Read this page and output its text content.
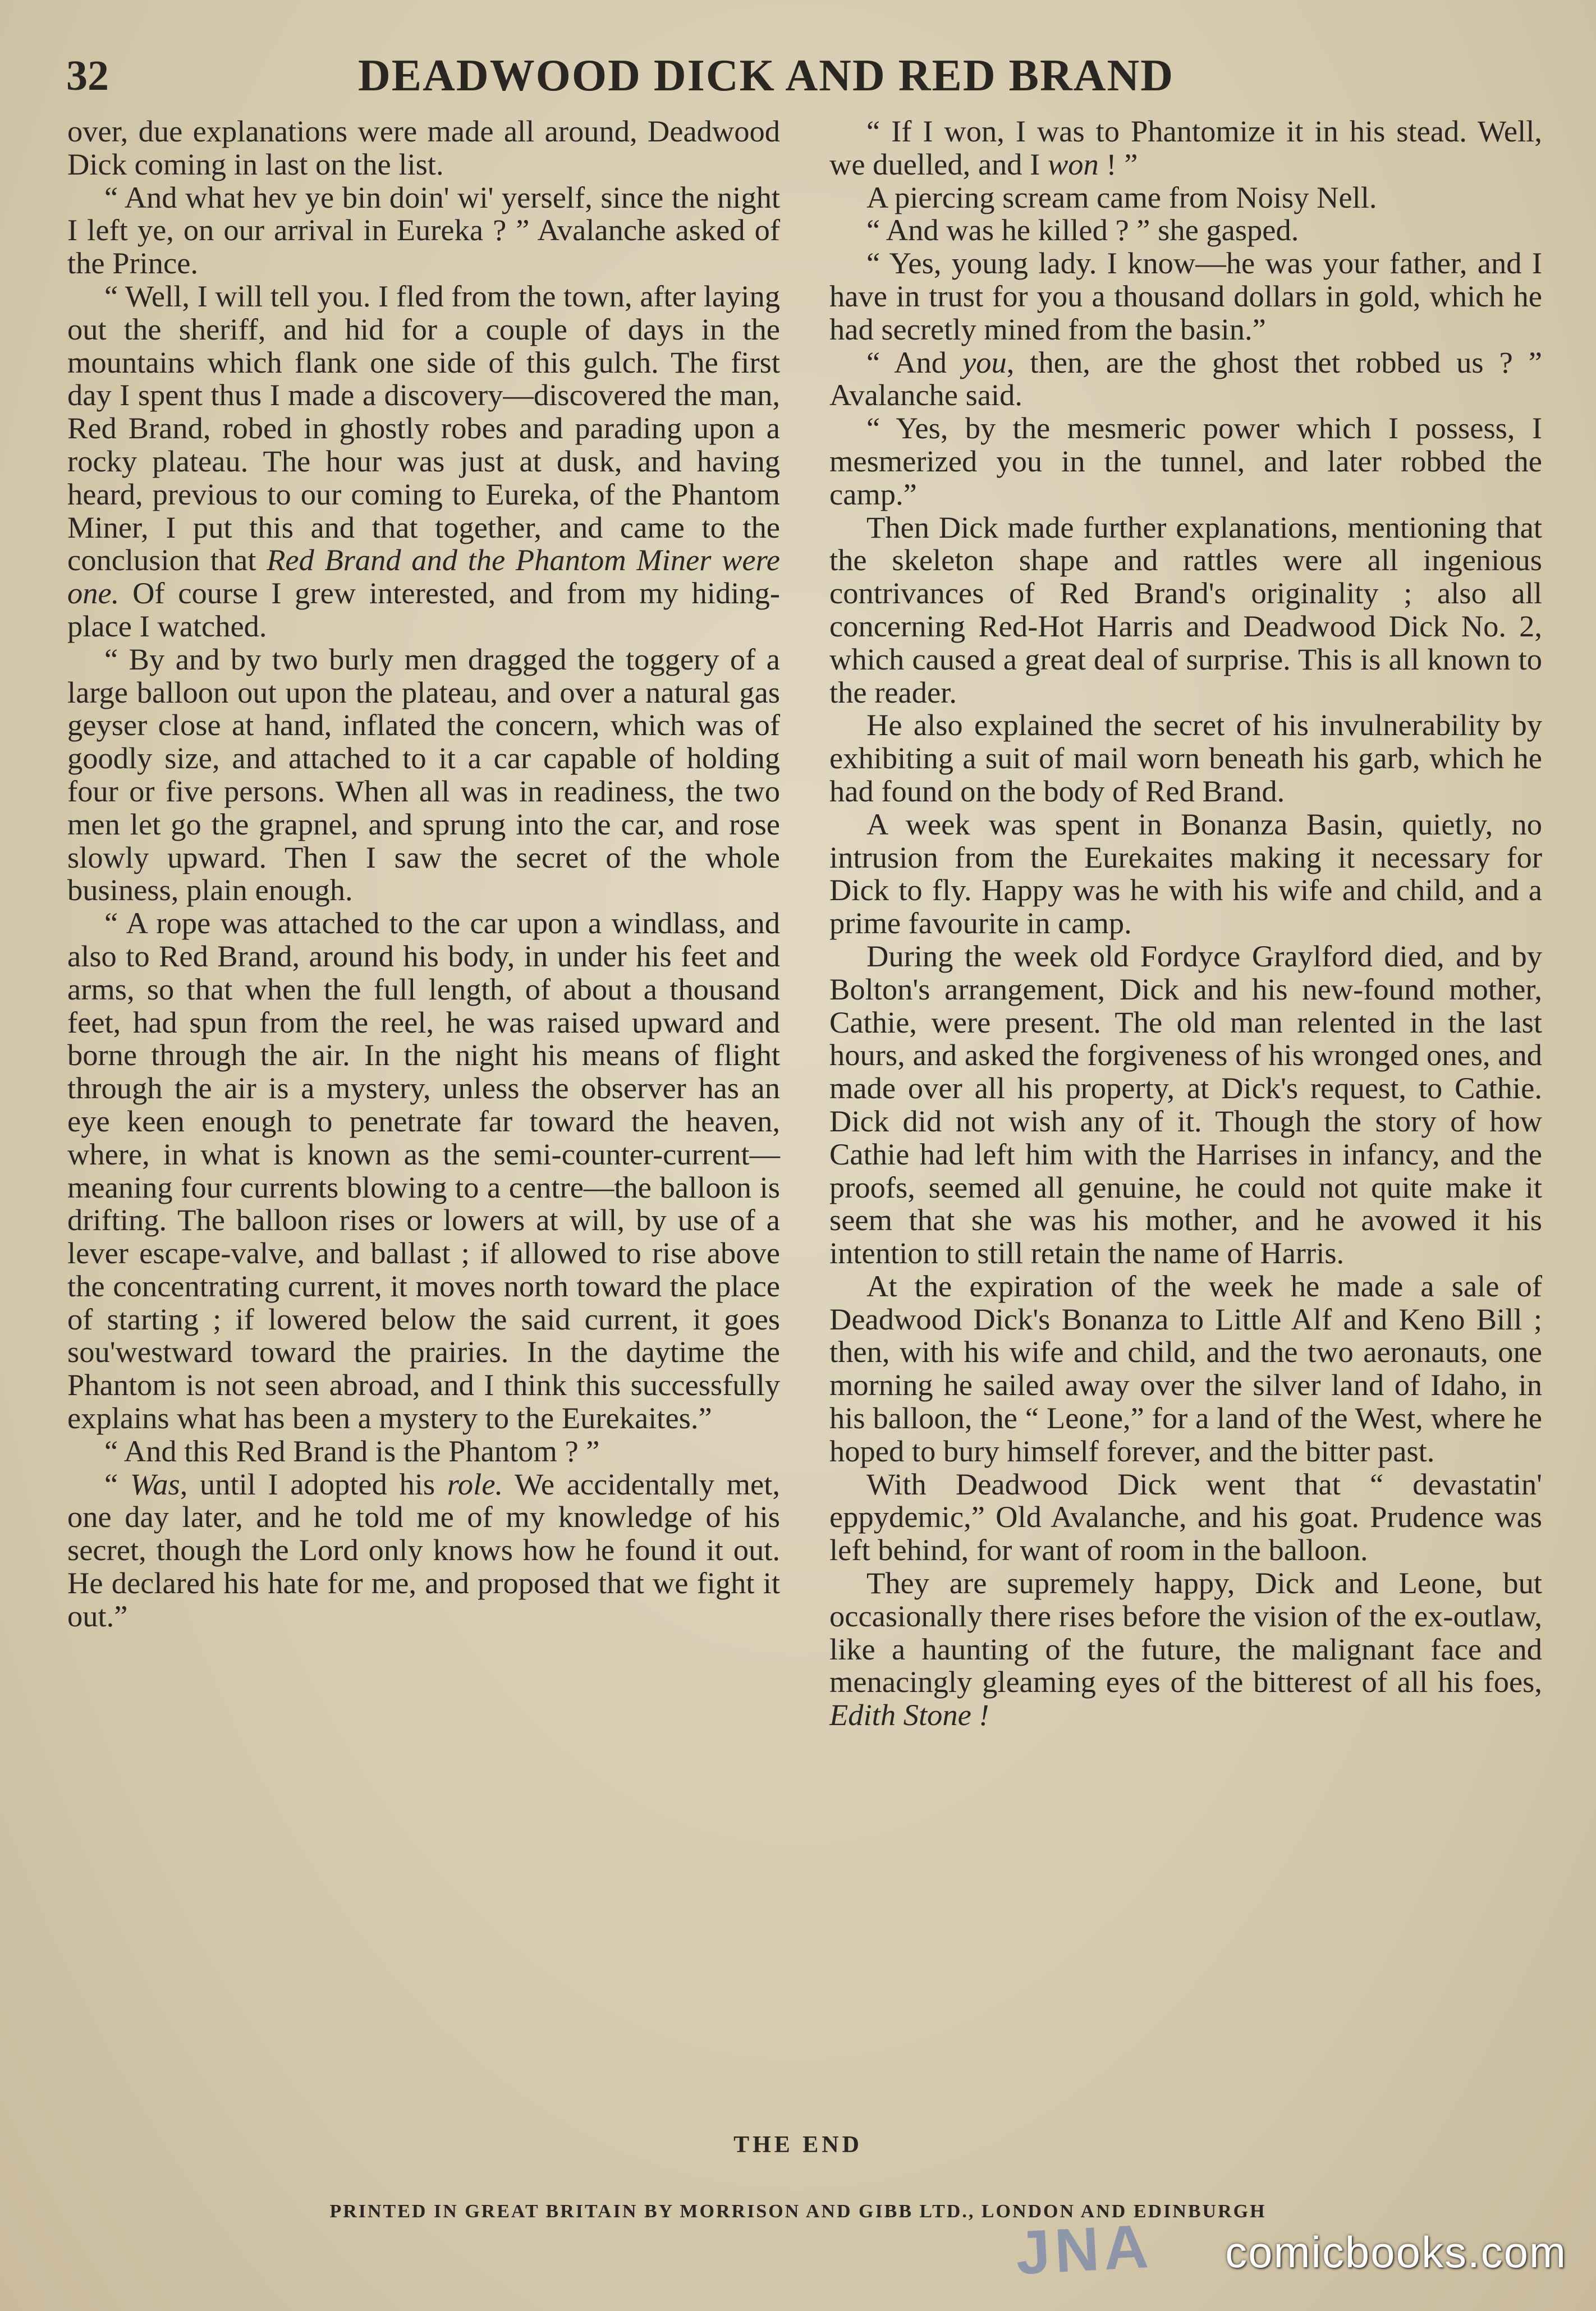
32	DEADWOOD DICK AND RED BRAND

over, due explanations were made all around, Deadwood Dick coming in last on the list.

“ And what hev ye bin doin' wi' yerself, since the night I left ye, on our arrival in Eureka ? ” Avalanche asked of the Prince.

“ Well, I will tell you. I fled from the town, after laying out the sheriff, and hid for a couple of days in the mountains which flank one side of this gulch. The first day I spent thus I made a discovery—discovered the man, Red Brand, robed in ghostly robes and parading upon a rocky plateau. The hour was just at dusk, and having heard, previous to our coming to Eureka, of the Phantom Miner, I put this and that together, and came to the conclusion that Red Brand and the Phantom Miner were one. Of course I grew interested, and from my hiding-place I watched.

“ By and by two burly men dragged the toggery of a large balloon out upon the plateau, and over a natural gas geyser close at hand, inflated the concern, which was of goodly size, and attached to it a car capable of holding four or five persons. When all was in readiness, the two men let go the grapnel, and sprung into the car, and rose slowly upward. Then I saw the secret of the whole business, plain enough.

“ A rope was attached to the car upon a windlass, and also to Red Brand, around his body, in under his feet and arms, so that when the full length, of about a thousand feet, had spun from the reel, he was raised upward and borne through the air. In the night his means of flight through the air is a mystery, unless the observer has an eye keen enough to penetrate far toward the heaven, where, in what is known as the semi-counter-current—meaning four currents blowing to a centre—the balloon is drifting. The balloon rises or lowers at will, by use of a lever escape-valve, and ballast ; if allowed to rise above the concentrating current, it moves north toward the place of starting ; if lowered below the said current, it goes sou'westward toward the prairies. In the daytime the Phantom is not seen abroad, and I think this successfully explains what has been a mystery to the Eurekaites.”

“ And this Red Brand is the Phantom ? ”

“ Was, until I adopted his role. We accidentally met, one day later, and he told me of my knowledge of his secret, though the Lord only knows how he found it out. He declared his hate for me, and proposed that we fight it out.”

“ If I won, I was to Phantomize it in his stead. Well, we duelled, and I won ! ”

A piercing scream came from Noisy Nell.

“ And was he killed ? ” she gasped.

“ Yes, young lady. I know—he was your father, and I have in trust for you a thousand dollars in gold, which he had secretly mined from the basin.”

“ And you, then, are the ghost thet robbed us ? ” Avalanche said.

“ Yes, by the mesmeric power which I possess, I mesmerized you in the tunnel, and later robbed the camp.”

Then Dick made further explanations, mentioning that the skeleton shape and rattles were all ingenious contrivances of Red Brand's originality ; also all concerning Red-Hot Harris and Deadwood Dick No. 2, which caused a great deal of surprise. This is all known to the reader.

He also explained the secret of his invulnerability by exhibiting a suit of mail worn beneath his garb, which he had found on the body of Red Brand.

A week was spent in Bonanza Basin, quietly, no intrusion from the Eurekaites making it necessary for Dick to fly. Happy was he with his wife and child, and a prime favourite in camp.

During the week old Fordyce Graylford died, and by Bolton's arrangement, Dick and his new-found mother, Cathie, were present. The old man relented in the last hours, and asked the forgiveness of his wronged ones, and made over all his property, at Dick's request, to Cathie. Dick did not wish any of it. Though the story of how Cathie had left him with the Harrises in infancy, and the proofs, seemed all genuine, he could not quite make it seem that she was his mother, and he avowed it his intention to still retain the name of Harris.

At the expiration of the week he made a sale of Deadwood Dick's Bonanza to Little Alf and Keno Bill ; then, with his wife and child, and the two aeronauts, one morning he sailed away over the silver land of Idaho, in his balloon, the “ Leone,” for a land of the West, where he hoped to bury himself forever, and the bitter past.

With Deadwood Dick went that “ devastatin' eppydemic,” Old Avalanche, and his goat. Prudence was left behind, for want of room in the balloon.

They are supremely happy, Dick and Leone, but occasionally there rises before the vision of the ex-outlaw, like a haunting of the future, the malignant face and menacingly gleaming eyes of the bitterest of all his foes, Edith Stone !

THE END
PRINTED IN GREAT BRITAIN BY MORRISON AND GIBB LTD., LONDON AND EDINBURGH
JNA comicbooks.com
